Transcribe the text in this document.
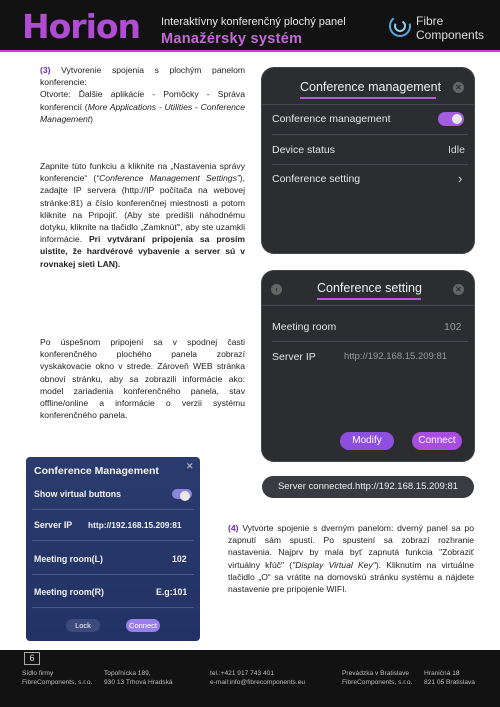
Horion Interaktívny konferenčný plochý panel
Manažérsky systém
Fibre
Components
(3) Vytvorenie spojenia s plochým panelom konferencie:
Otvorte: Ďalšie aplikácie - Pomôcky - Správa konferencií (More Applications - Utilities - Conference Management)
Zapnite túto funkciu a kliknite na „Nastavenia správy konferencie“ (“Conference Management Settings”), zadajte IP servera (http://IP počítača na webovej stránke:81) a číslo konferenčnej miestnosti a potom kliknite na Pripojiť. (Aby ste predišli náhodnému dotyku, kliknite na tlačidlo „Zamknúť“, aby ste uzamkli informácie. Pri vytváraní pripojenia sa prosím uistite, že hardvérové vybavenie a server sú v rovnakej sieti LAN).
Po úspešnom pripojení sa v spodnej časti konferenčného plochého panela zobrazí vyskakovacie okno v strede. Zároveň WEB stránka obnoví stránku, aby sa zobrazili informácie ako: model zariadenia konferenčného panela, stav offline/online a informácie o verzii systému konferenčného panela.
Conference management ✕
Conference management
Device status	Idle
Conference setting	›
‹	Conference setting	✕
Meeting room	102
Server IP	http://192.168.15.209:81
Modify	Connect
Server connected.http://192.168.15.209:81
(4) Vytvorte spojenie s dverným panelom: dverný panel sa po zapnutí sám spustí. Po spustení sa zobrazí rozhranie nastavenia. Najprv by mala byť zapnutá funkcia "Zobraziť virtuálny kľúč" ("Display Virtual Key"). Kliknutím na virtuálne tlačidlo „O“ sa vrátite na domovskú stránku systému a nájdete nastavenie pre pripojenie WIFI.
Conference Management	✕
Show virtual buttons
Server IP http://192.168.15.209:81
Meeting room(L)	102
Meeting room(R)	E.g:101
Lock	Connect
6
Sídlo firmy
FibreComponents, s.r.o.
Topoľnícka 189,
930 13 Trhová Hradská
tel.:+421 917 743 401
e-mail:info@fibrecomponents.eu
Prevádzka v Bratislave
FibreComponents, s.r.o.
Hraničná 18
821 05 Bratislava
